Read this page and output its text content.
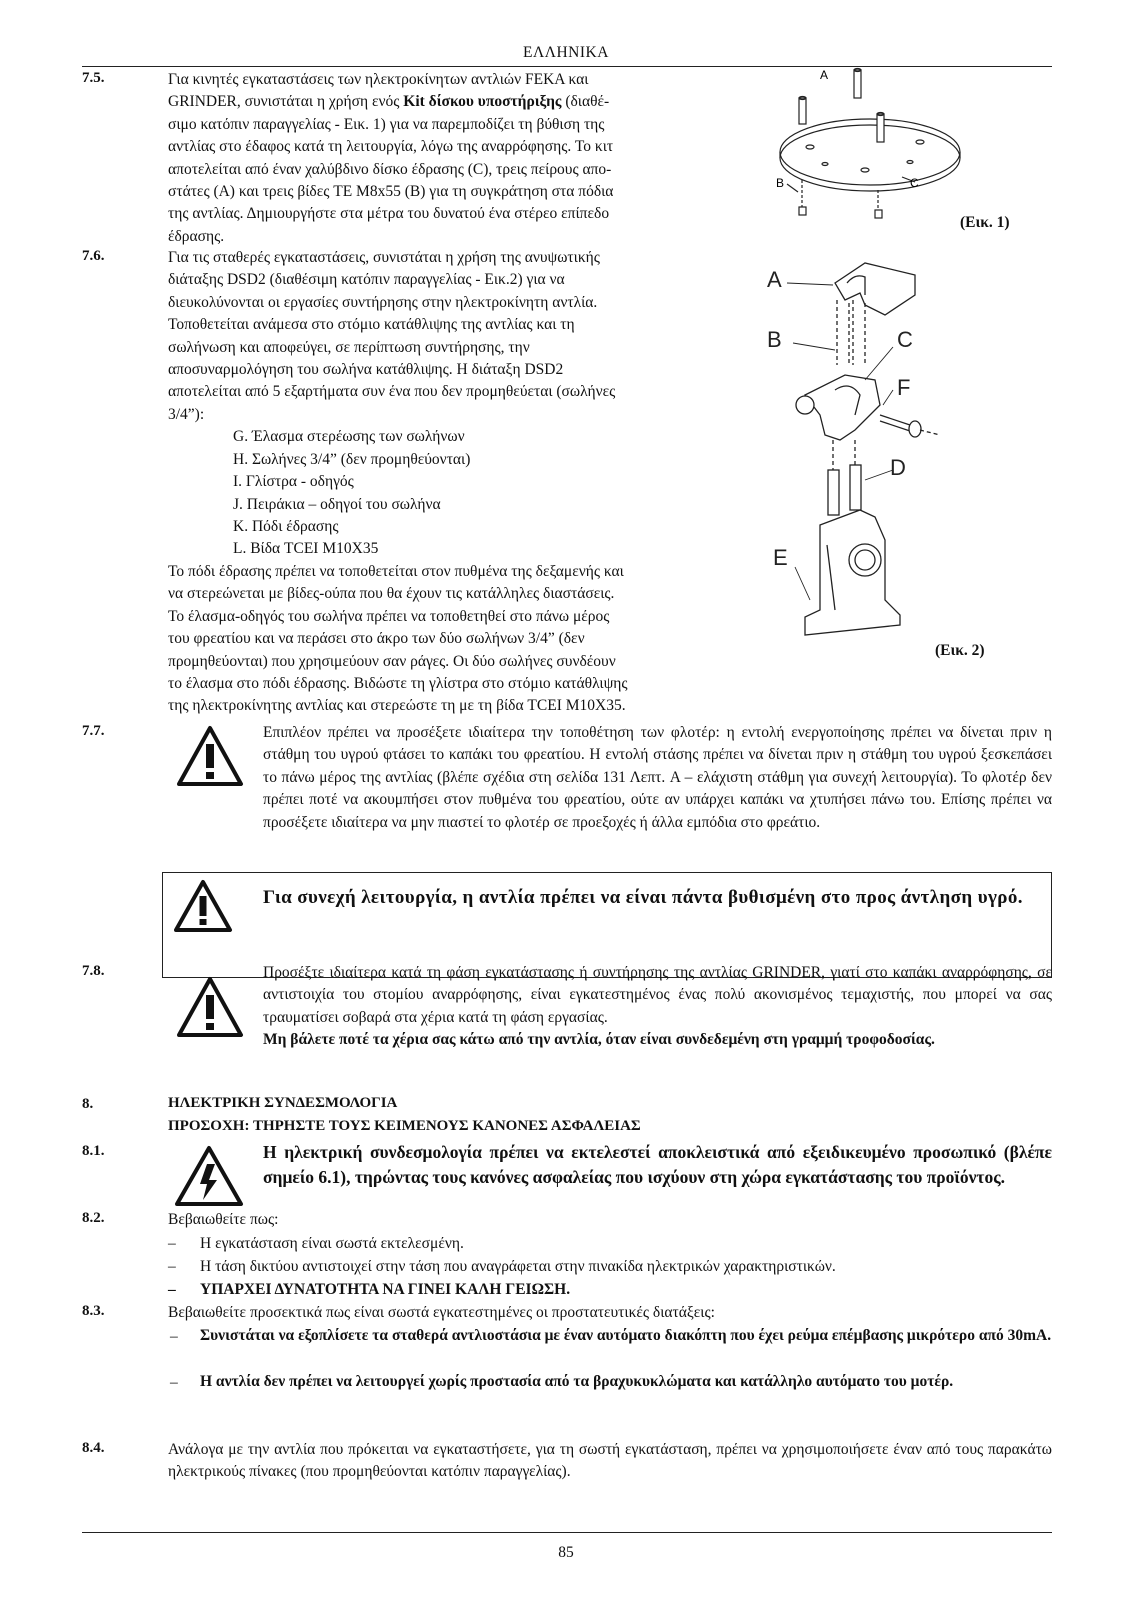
ΕΛΛΗΝΙΚΑ
7.5.	Για κινητές εγκαταστάσεις των ηλεκτροκίνητων αντλιών FEKA και

GRINDER, συνιστάται η χρήση ενός Kit δίσκου υποστήριξης (διαθέ-

σιμο κατόπιν παραγγελίας - Εικ. 1) για να παρεμποδίζει τη βύθιση της

αντλίας στο έδαφος κατά τη λειτουργία, λόγω της αναρρόφησης. Το κιτ

αποτελείται από έναν χαλύβδινο δίσκο έδρασης (C), τρεις πείρους απο-

στάτες (A) και τρεις βίδες TE M8x55 (B) για τη συγκράτηση στα πόδια

της αντλίας. Δημιουργήστε στα μέτρα του δυνατού ένα στέρεο επίπεδο

έδρασης.

A
B	C
(Εικ. 1)
7.6.	Για τις σταθερές εγκαταστάσεις, συνιστάται η χρήση της ανυψωτικής

διάταξης DSD2 (διαθέσιμη κατόπιν παραγγελίας - Εικ.2) για να

διευκολύνονται οι εργασίες συντήρησης στην ηλεκτροκίνητη αντλία.

Τοποθετείται ανάμεσα στο στόμιο κατάθλιψης της αντλίας και τη

σωλήνωση και αποφεύγει, σε περίπτωση συντήρησης, την

αποσυναρμολόγηση του σωλήνα κατάθλιψης. Η διάταξη DSD2

αποτελείται από 5 εξαρτήματα συν ένα που δεν προμηθεύεται (σωλήνες

3/4”):

G. Έλασμα στερέωσης των σωλήνων
H. Σωλήνες 3/4” (δεν προμηθεύονται)
I. Γλίστρα - οδηγός
J. Πειράκια – οδηγοί του σωλήνα
K. Πόδι έδρασης
L. Βίδα TCEI M10X35

Το πόδι έδρασης πρέπει να τοποθετείται στον πυθμένα της δεξαμενής και

να στερεώνεται με βίδες-ούπα που θα έχουν τις κατάλληλες διαστάσεις.

Το έλασμα-οδηγός του σωλήνα πρέπει να τοποθετηθεί στο πάνω μέρος

του φρεατίου και να περάσει στο άκρο των δύο σωλήνων 3/4” (δεν

προμηθεύονται) που χρησιμεύουν σαν ράγες. Οι δύο σωλήνες συνδέουν

το έλασμα στο πόδι έδρασης. Βιδώστε τη γλίστρα στο στόμιο κατάθλιψης

της ηλεκτροκίνητης αντλίας και στερεώστε τη με τη βίδα TCEI M10X35.

A
B	C
F
D
E
(Εικ. 2)
7.7.	Επιπλέον πρέπει να προσέξετε ιδιαίτερα την τοποθέτηση των φλοτέρ: η εντολή ενεργοποίησης πρέπει να δίνεται πριν η στάθμη του υγρού φτάσει το καπάκι του φρεατίου. Η εντολή στάσης πρέπει να δίνεται πριν η στάθμη του υγρού ξεσκεπάσει το πάνω μέρος της αντλίας (βλέπε σχέδια στη σελίδα 131 Λεπτ. A – ελάχιστη στάθμη για συνεχή λειτουργία). Το φλοτέρ δεν πρέπει ποτέ να ακουμπήσει στον πυθμένα του φρεατίου, ούτε αν υπάρχει καπάκι να χτυπήσει πάνω του. Επίσης πρέπει να προσέξετε ιδιαίτερα να μην πιαστεί το φλοτέρ σε προεξοχές ή άλλα εμπόδια στο φρεάτιο.
Για συνεχή λειτουργία, η αντλία πρέπει να είναι πάντα βυθισμένη στο προς άντληση υγρό.
7.8.	Προσέξτε ιδιαίτερα κατά τη φάση εγκατάστασης ή συντήρησης της αντλίας GRINDER, γιατί στο καπάκι αναρρόφησης, σε αντιστοιχία του στομίου αναρρόφησης, είναι εγκατεστημένος ένας πολύ ακονισμένος τεμαχιστής, που μπορεί να σας τραυματίσει σοβαρά στα χέρια κατά τη φάση εργασίας.

Μη βάλετε ποτέ τα χέρια σας κάτω από την αντλία, όταν είναι συνδεδεμένη στη γραμμή τροφοδοσίας.

8.	ΗΛΕΚΤΡΙΚΗ ΣΥΝΔΕΣΜΟΛΟΓΙΑ
ΠΡΟΣΟΧΗ: ΤΗΡΗΣΤΕ ΤΟΥΣ ΚΕΙΜΕΝΟΥΣ ΚΑΝΟΝΕΣ ΑΣΦΑΛΕΙΑΣ
8.1.	Η ηλεκτρική συνδεσμολογία πρέπει να εκτελεστεί αποκλειστικά από εξειδικευμένο προσωπικό (βλέπε σημείο 6.1), τηρώντας τους κανόνες ασφαλείας που ισχύουν στη χώρα εγκατάστασης του προϊόντος.
8.2.	Βεβαιωθείτε πως:
– Η εγκατάσταση είναι σωστά εκτελεσμένη.
– Η τάση δικτύου αντιστοιχεί στην τάση που αναγράφεται στην πινακίδα ηλεκτρικών χαρακτηριστικών.
– ΥΠΑΡΧΕΙ ΔΥΝΑΤΟΤΗΤΑ ΝΑ ΓΙΝΕΙ ΚΑΛΗ ΓΕΙΩΣΗ.
8.3.	Βεβαιωθείτε προσεκτικά πως είναι σωστά εγκατεστημένες οι προστατευτικές διατάξεις:
– Συνιστάται να εξοπλίσετε τα σταθερά αντλιοστάσια με έναν αυτόματο διακόπτη που έχει ρεύμα επέμβασης μικρότερο από 30mA.
– Η αντλία δεν πρέπει να λειτουργεί χωρίς προστασία από τα βραχυκυκλώματα και κατάλληλο αυτόματο του μοτέρ.
8.4.	Ανάλογα με την αντλία που πρόκειται να εγκαταστήσετε, για τη σωστή εγκατάσταση, πρέπει να χρησιμοποιήσετε έναν από τους παρακάτω ηλεκτρικούς πίνακες (που προμηθεύονται κατόπιν παραγγελίας).
85
